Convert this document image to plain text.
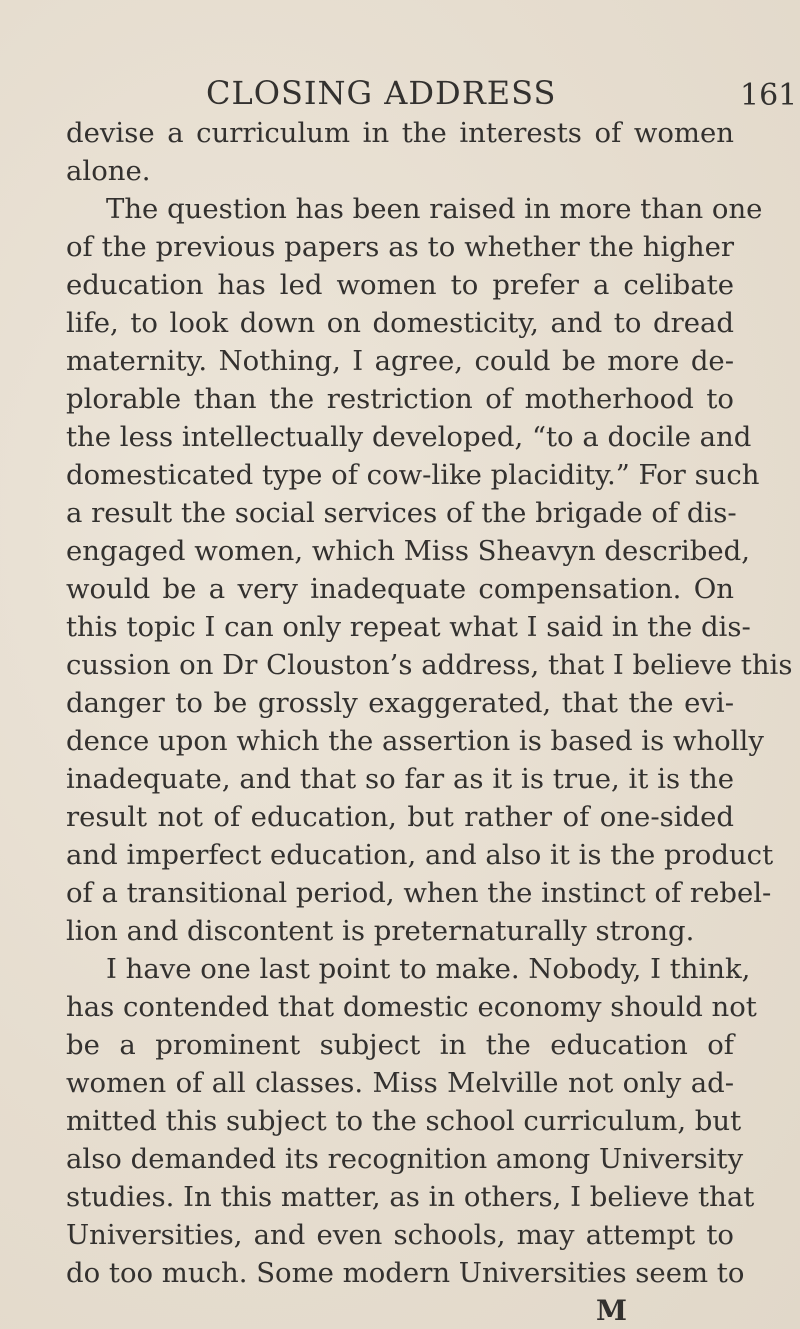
CLOSING ADDRESS	161
devise a curriculum in the interests of women
alone.
The question has been raised in more than one
of the previous papers as to whether the higher
education has led women to prefer a celibate
life, to look down on domesticity, and to dread
maternity. Nothing, I agree, could be more de-
plorable than the restriction of motherhood to
the less intellectually developed, “to a docile and
domesticated type of cow-like placidity.” For such
a result the social services of the brigade of dis-
engaged women, which Miss Sheavyn described,
would be a very inadequate compensation. On
this topic I can only repeat what I said in the dis-
cussion on Dr Clouston’s address, that I believe this
danger to be grossly exaggerated, that the evi-
dence upon which the assertion is based is wholly
inadequate, and that so far as it is true, it is the
result not of education, but rather of one-sided
and imperfect education, and also it is the product
of a transitional period, when the instinct of rebel-
lion and discontent is preternaturally strong.
I have one last point to make. Nobody, I think,
has contended that domestic economy should not
be a prominent subject in the education of
women of all classes. Miss Melville not only ad-
mitted this subject to the school curriculum, but
also demanded its recognition among University
studies. In this matter, as in others, I believe that
Universities, and even schools, may attempt to
do too much. Some modern Universities seem to
M
